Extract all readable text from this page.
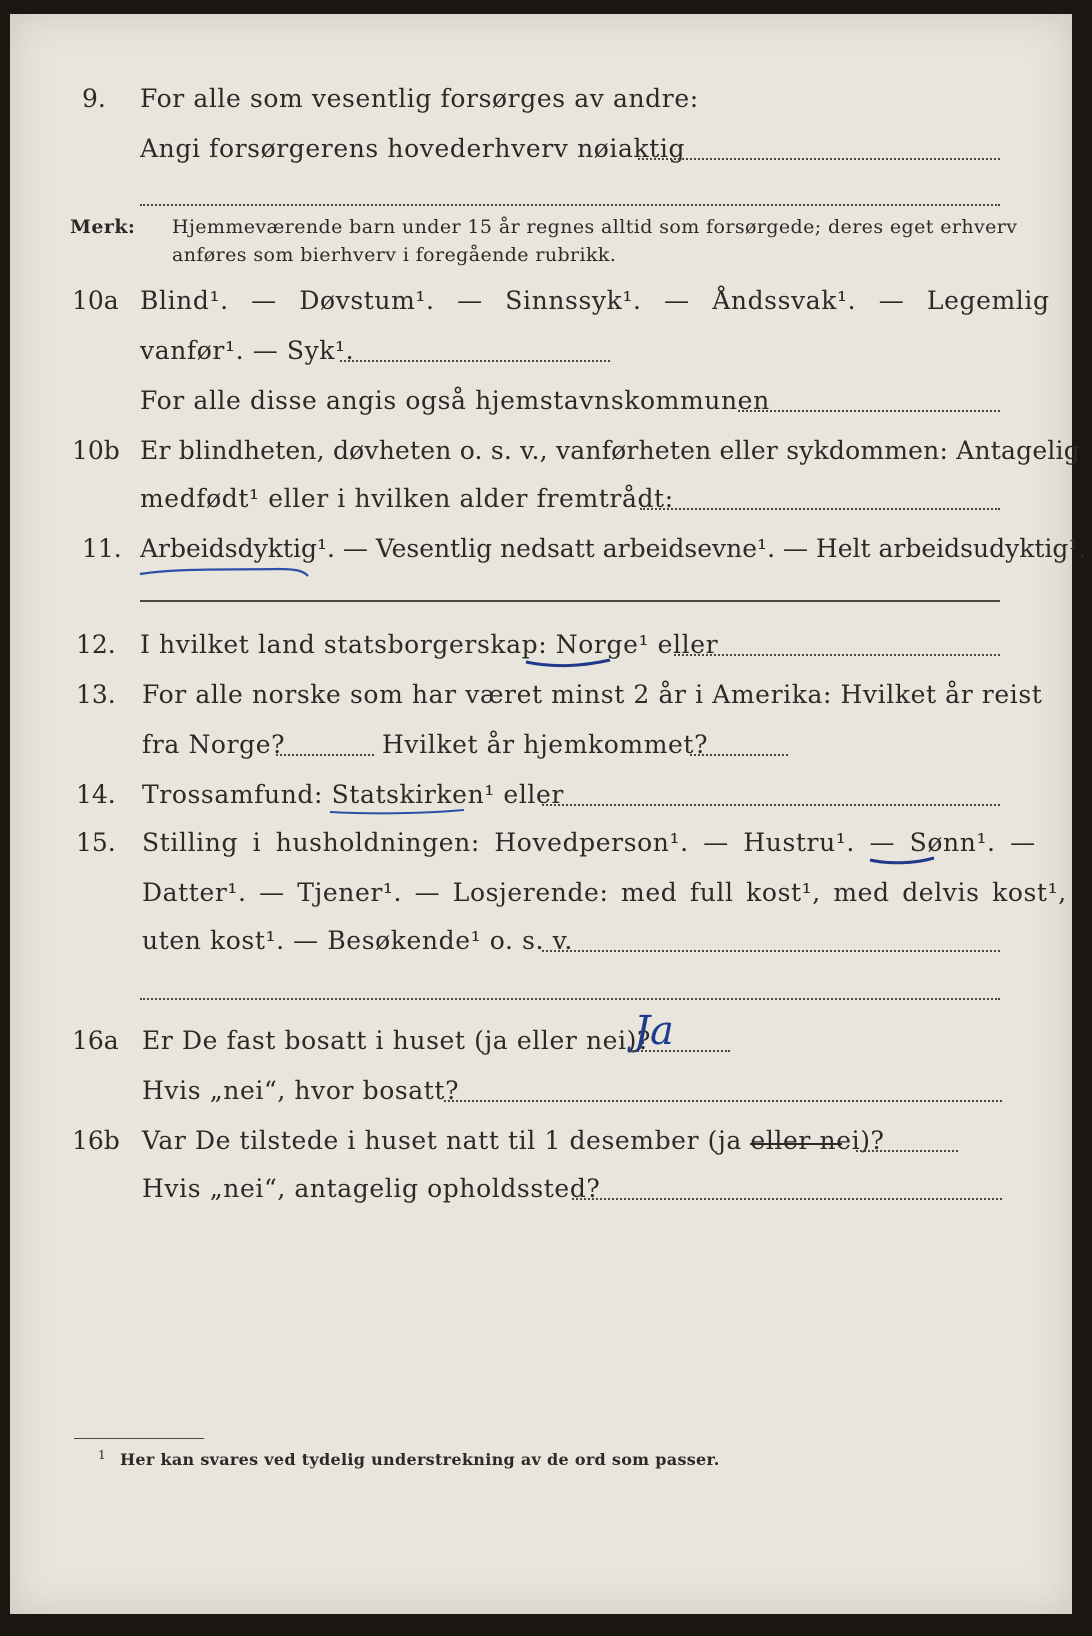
9. For alle som vesentlig forsørges av andre:
Angi forsørgerens hovederhverv nøiaktig
Merk: Hjemmeværende barn under 15 år regnes alltid som forsørgede; deres eget erhverv
anføres som bierhverv i foregående rubrikk.
10a Blind¹. — Døvstum¹. — Sinnssyk¹. — Åndssvak¹. — Legemlig
vanfør¹. — Syk¹.
For alle disse angis også hjemstavnskommunen
10b Er blindheten, døvheten o. s. v., vanførheten eller sykdommen: Antagelig
medfødt¹ eller i hvilken alder fremtrådt:
11. Arbeidsdyktig¹. — Vesentlig nedsatt arbeidsevne¹. — Helt arbeidsudyktig¹.
12. I hvilket land statsborgerskap: Norge¹ eller
13. For alle norske som har været minst 2 år i Amerika: Hvilket år reist
fra Norge?	Hvilket år hjemkommet?
14. Trossamfund: Statskirken¹ eller
15. Stilling i husholdningen: Hovedperson¹. — Hustru¹. — Sønn¹. —
Datter¹. — Tjener¹. — Losjerende: med full kost¹, med delvis kost¹,
uten kost¹. — Besøkende¹ o. s. v.
16a Er De fast bosatt i huset (ja eller nei)?
Ja
Hvis „nei“, hvor bosatt?
16b Var De tilstede i huset natt til 1 desember (ja eller nei)?
Hvis „nei“, antagelig opholdssted?
1 Her kan svares ved tydelig understrekning av de ord som passer.
